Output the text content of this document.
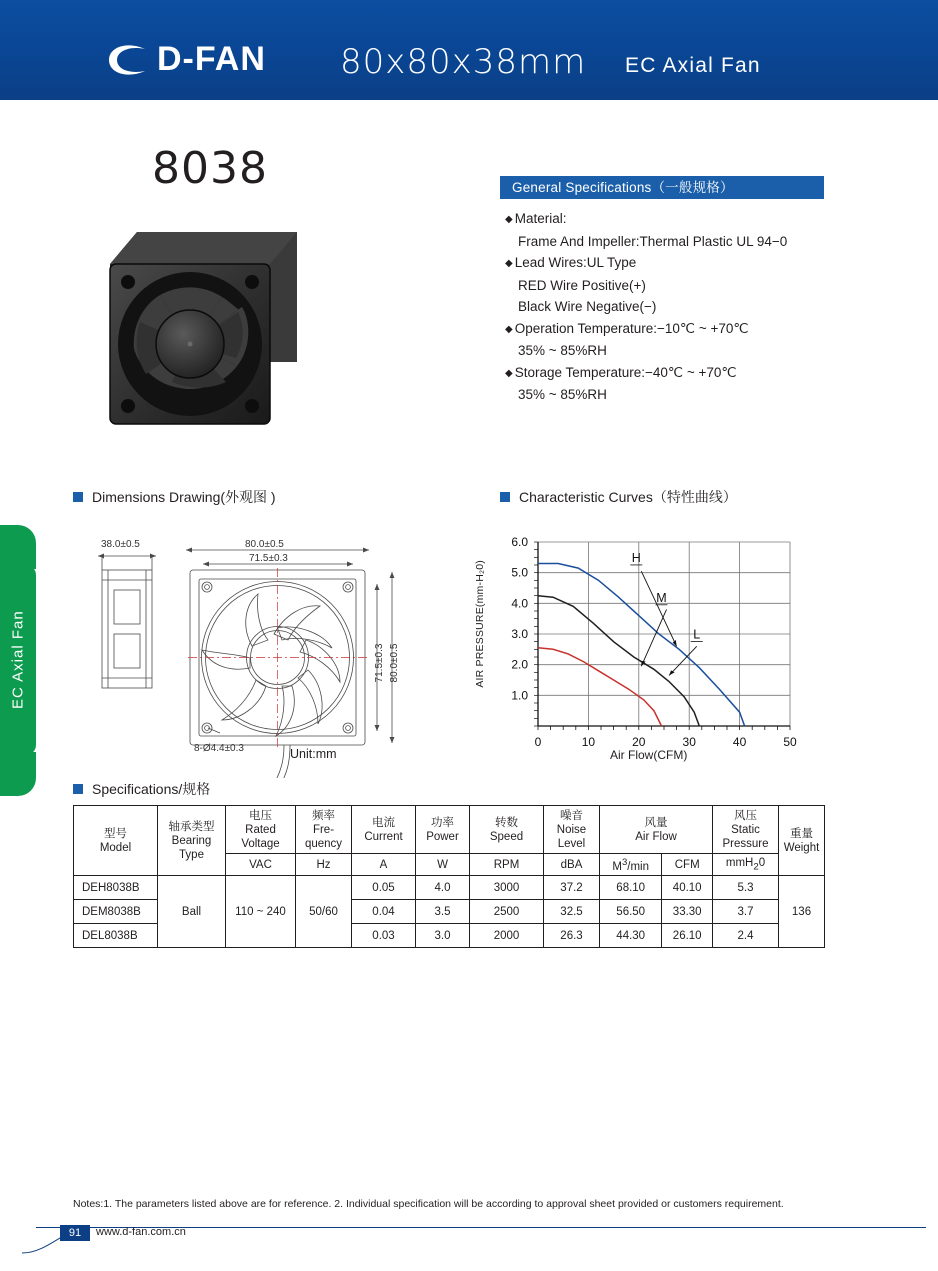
D-FAN 80x80x38mm EC Axial Fan
EC Axial Fan
8038	General Specifications（一般规格）
◆ Material:
Frame And Impeller:Thermal Plastic UL 94−0
◆ Lead Wires:UL Type
RED Wire Positive(+)
Black Wire Negative(−)
◆ Operation Temperature:−10℃ ~ +70℃
35% ~ 85%RH
◆ Storage Temperature:−40℃ ~ +70℃
35% ~ 85%RH
Dimensions Drawing(外观图 )	Characteristic Curves（特性曲线）
Specifications/规格
38.0±0.5	80.0±0.5
71.5±0.3
71.5±0.3 80.0±0.5
8-Ø4.4±0.3	Unit:mm
AIR PRESSURE(mm-H₂0)
0	10	20	30	40	50
1.0
2.0
3.0
4.0
5.0
6.0
H
M
L
Air Flow(CFM)
型号
Model

轴承类型
Bearing
Type

电压
Rated
Voltage

频率
Fre-
quency

电流
Current

功率
Power

转数
Speed

噪音
Noise
Level

风量
Air Flow

风压
Static
Pressure

重量
Weight

		VAC	Hz	A	W	RPM	dBA	$M^3/\min$	CFM	mmH$_2$0	
DEH8038B	Ball	110 ~ 240	50/60	0.05	4.0	3000	37.2	68.10	40.10	5.3	136
DEM8038B				0.04	3.5	2500	32.5	56.50	33.30	3.7	
DEL8038B				0.03	3.0	2000	26.3	44.30	26.10	2.4	
Notes:1. The parameters listed above are for reference. 2. Individual specification will be according to approval sheet provided or customers requirement.
91	www.d-fan.com.cn
